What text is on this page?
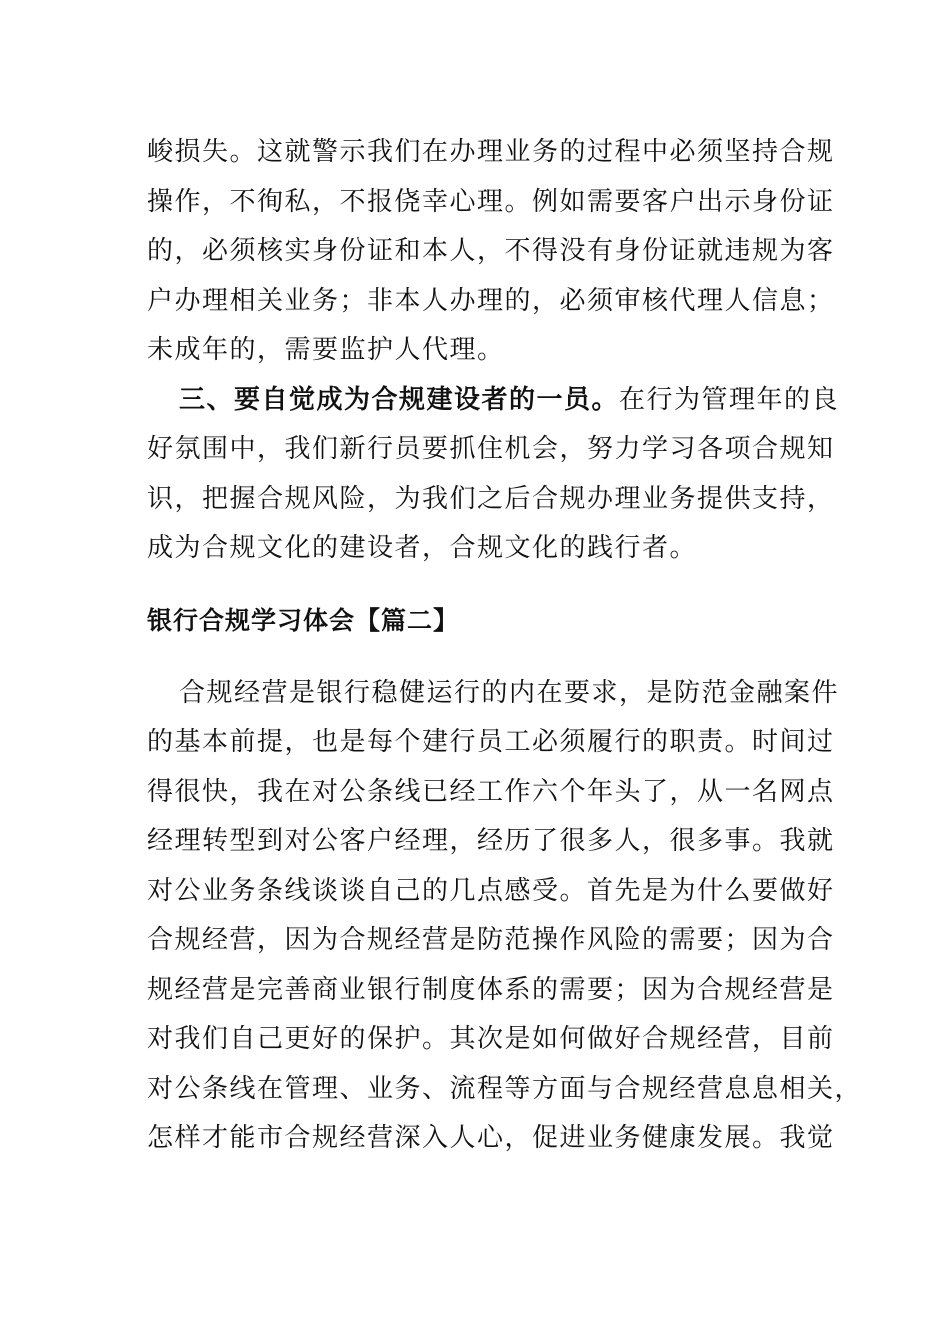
峻损失。这就警示我们在办理业务的过程中必须坚持合规
操作，不徇私，不报侥幸心理。例如需要客户出示身份证
的，必须核实身份证和本人，不得没有身份证就违规为客
户办理相关业务；非本人办理的，必须审核代理人信息；
未成年的，需要监护人代理。
三、要自觉成为合规建设者的一员。在行为管理年的良
好氛围中，我们新行员要抓住机会，努力学习各项合规知
识，把握合规风险，为我们之后合规办理业务提供支持，
成为合规文化的建设者，合规文化的践行者。
银行合规学习体会【篇二】
合规经营是银行稳健运行的内在要求，是防范金融案件
的基本前提，也是每个建行员工必须履行的职责。时间过
得很快，我在对公条线已经工作六个年头了，从一名网点
经理转型到对公客户经理，经历了很多人，很多事。我就
对公业务条线谈谈自己的几点感受。首先是为什么要做好
合规经营，因为合规经营是防范操作风险的需要；因为合
规经营是完善商业银行制度体系的需要；因为合规经营是
对我们自己更好的保护。其次是如何做好合规经营，目前
对公条线在管理、业务、流程等方面与合规经营息息相关，
怎样才能市合规经营深入人心，促进业务健康发展。我觉
